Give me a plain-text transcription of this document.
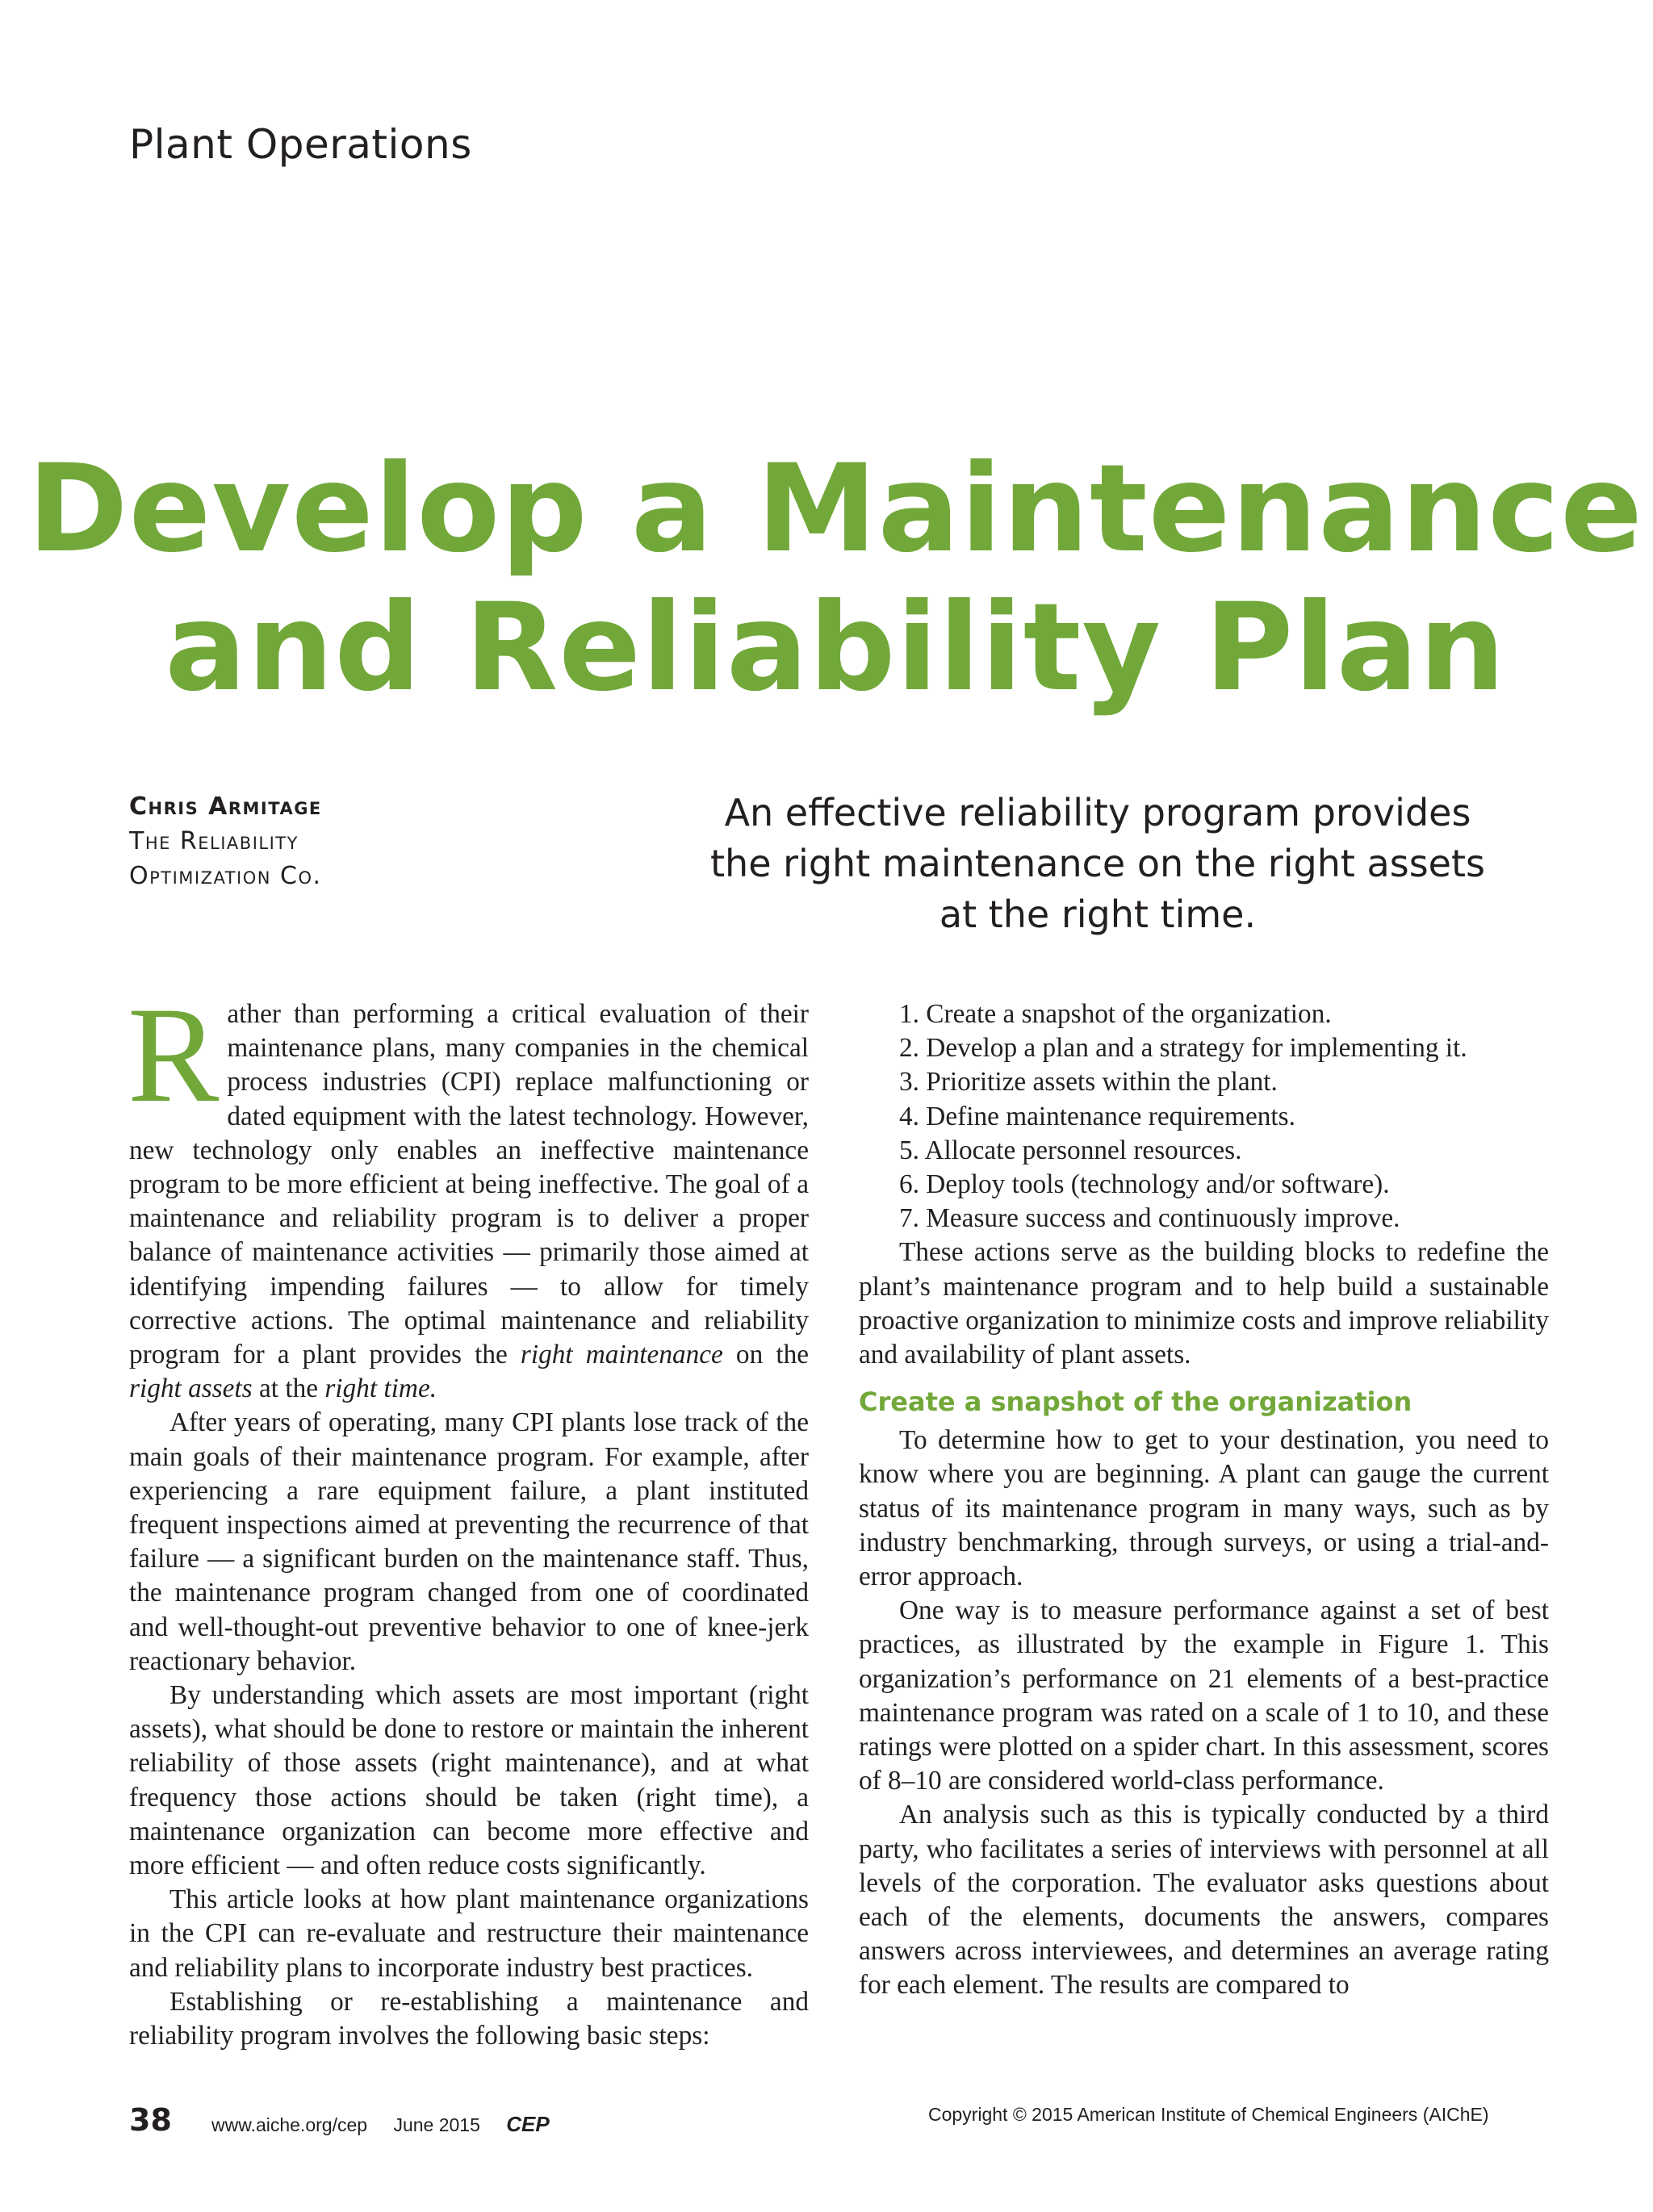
Plant Operations
Develop a Maintenance
and Reliability Plan
Chris Armitage
The Reliability
Optimization Co.
An effective reliability program provides the right maintenance on the right assets at the right time.

Rather than performing a critical evaluation of their maintenance plans, many companies in the chemical process industries (CPI) replace malfunctioning or dated equipment with the latest technology. However, new technology only enables an ineffective maintenance program to be more efficient at being ineffective. The goal of a maintenance and reliability program is to deliver a proper balance of maintenance activities — primarily those aimed at identifying impending failures — to allow for timely corrective actions. The optimal maintenance and reliability program for a plant provides the right maintenance on the right assets at the right time.

After years of operating, many CPI plants lose track of the main goals of their maintenance program. For example, after experiencing a rare equipment failure, a plant instituted frequent inspections aimed at preventing the recurrence of that failure — a significant burden on the maintenance staff. Thus, the maintenance program changed from one of coordinated and well-thought-out preventive behavior to one of knee-jerk reactionary behavior.

By understanding which assets are most important (right assets), what should be done to restore or maintain the inherent reliability of those assets (right maintenance), and at what frequency those actions should be taken (right time), a maintenance organization can become more effective and more efficient — and often reduce costs significantly.

This article looks at how plant maintenance organizations in the CPI can re-evaluate and restructure their maintenance and reliability plans to incorporate industry best practices.

Establishing or re-establishing a maintenance and reliability program involves the following basic steps:

1. Create a snapshot of the organization.
2. Develop a plan and a strategy for implementing it.
3. Prioritize assets within the plant.
4. Define maintenance requirements.
5. Allocate personnel resources.
6. Deploy tools (technology and/or software).
7. Measure success and continuously improve.

These actions serve as the building blocks to redefine the plant’s maintenance program and to help build a sustainable proactive organization to minimize costs and improve reliability and availability of plant assets.

Create a snapshot of the organization

To determine how to get to your destination, you need to know where you are beginning. A plant can gauge the current status of its maintenance program in many ways, such as by industry benchmarking, through surveys, or using a trial-and-error approach.

One way is to measure performance against a set of best practices, as illustrated by the example in Figure 1. This organization’s performance on 21 elements of a best-practice maintenance program was rated on a scale of 1 to 10, and these ratings were plotted on a spider chart. In this assessment, scores of 8–10 are considered world-class performance.

An analysis such as this is typically conducted by a third party, who facilitates a series of interviews with personnel at all levels of the corporation. The evaluator asks questions about each of the elements, documents the answers, compares answers across interviewees, and determines an average rating for each element. The results are compared to

38 www.aiche.org/cep June 2015 CEP	Copyright © 2015 American Institute of Chemical Engineers (AIChE)
